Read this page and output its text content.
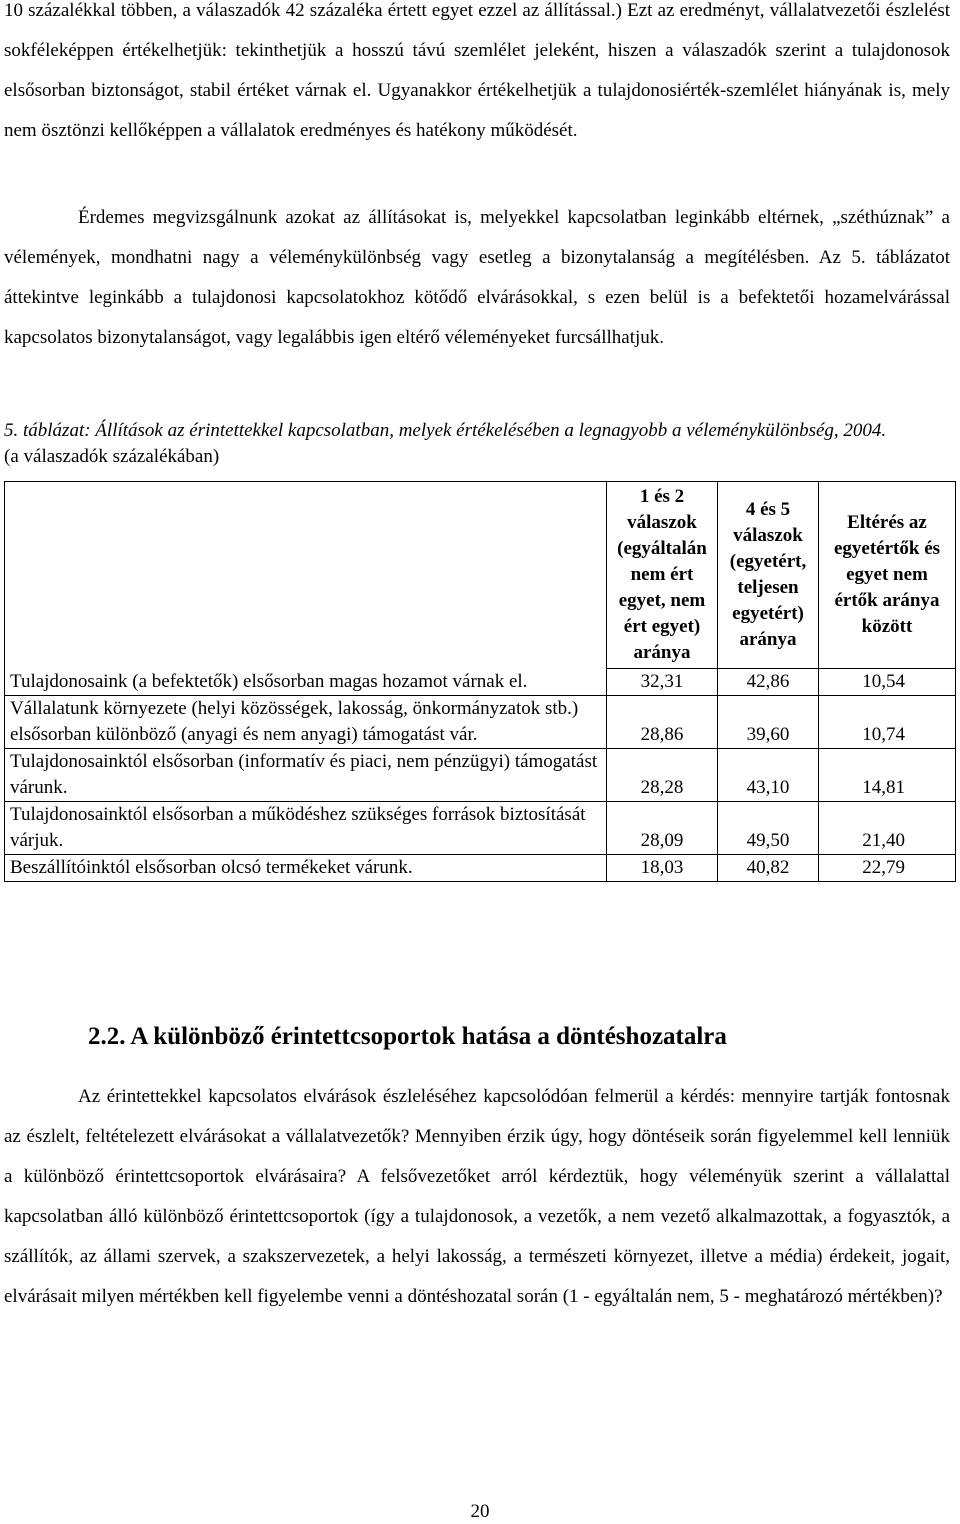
10 százalékkal többen, a válaszadók 42 százaléka értett egyet ezzel az állítással.) Ezt az eredményt, vállalatvezetői észlelést sokféleképpen értékelhetjük: tekinthetjük a hosszú távú szemlélet jeleként, hiszen a válaszadók szerint a tulajdonosok elsősorban biztonságot, stabil értéket várnak el. Ugyanakkor értékelhetjük a tulajdonosiérték-szemlélet hiányának is, mely nem ösztönzi kellőképpen a vállalatok eredményes és hatékony működését.

Érdemes megvizsgálnunk azokat az állításokat is, melyekkel kapcsolatban leginkább eltérnek, „széthúznak” a vélemények, mondhatni nagy a véleménykülönbség vagy esetleg a bizonytalanság a megítélésben. Az 5. táblázatot áttekintve leginkább a tulajdonosi kapcsolatokhoz kötődő elvárásokkal, s ezen belül is a befektetői hozamelvárással kapcsolatos bizonytalanságot, vagy legalábbis igen eltérő véleményeket furcsállhatjuk.

5. táblázat: Állítások az érintettekkel kapcsolatban, melyek értékelésében a legnagyobb a véleménykülönbség, 2004. (a válaszadók százalékában)

	1 és 2 válaszok (egyáltalán nem ért egyet, nem ért egyet) aránya	4 és 5 válaszok (egyetért, teljesen egyetért) aránya	Eltérés az egyetértők és egyet nem értők aránya között
Tulajdonosaink (a befektetők) elsősorban magas hozamot várnak el.	32,31	42,86	10,54
Vállalatunk környezete (helyi közösségek, lakosság, önkormányzatok stb.) elsősorban különböző (anyagi és nem anyagi) támogatást vár.	28,86	39,60	10,74
Tulajdonosainktól elsősorban (informatív és piaci, nem pénzügyi) támogatást várunk.	28,28	43,10	14,81
Tulajdonosainktól elsősorban a működéshez szükséges források biztosítását várjuk.	28,09	49,50	21,40
Beszállítóinktól elsősorban olcsó termékeket várunk.	18,03	40,82	22,79
2.2. A különböző érintettcsoportok hatása a döntéshozatalra

Az érintettekkel kapcsolatos elvárások észleléséhez kapcsolódóan felmerül a kérdés: mennyire tartják fontosnak az észlelt, feltételezett elvárásokat a vállalatvezetők? Mennyiben érzik úgy, hogy döntéseik során figyelemmel kell lenniük a különböző érintettcsoportok elvárásaira? A felsővezetőket arról kérdeztük, hogy véleményük szerint a vállalattal kapcsolatban álló különböző érintettcsoportok (így a tulajdonosok, a vezetők, a nem vezető alkalmazottak, a fogyasztók, a szállítók, az állami szervek, a szakszervezetek, a helyi lakosság, a természeti környezet, illetve a média) érdekeit, jogait, elvárásait milyen mértékben kell figyelembe venni a döntéshozatal során (1 - egyáltalán nem, 5 - meghatározó mértékben)?

20
